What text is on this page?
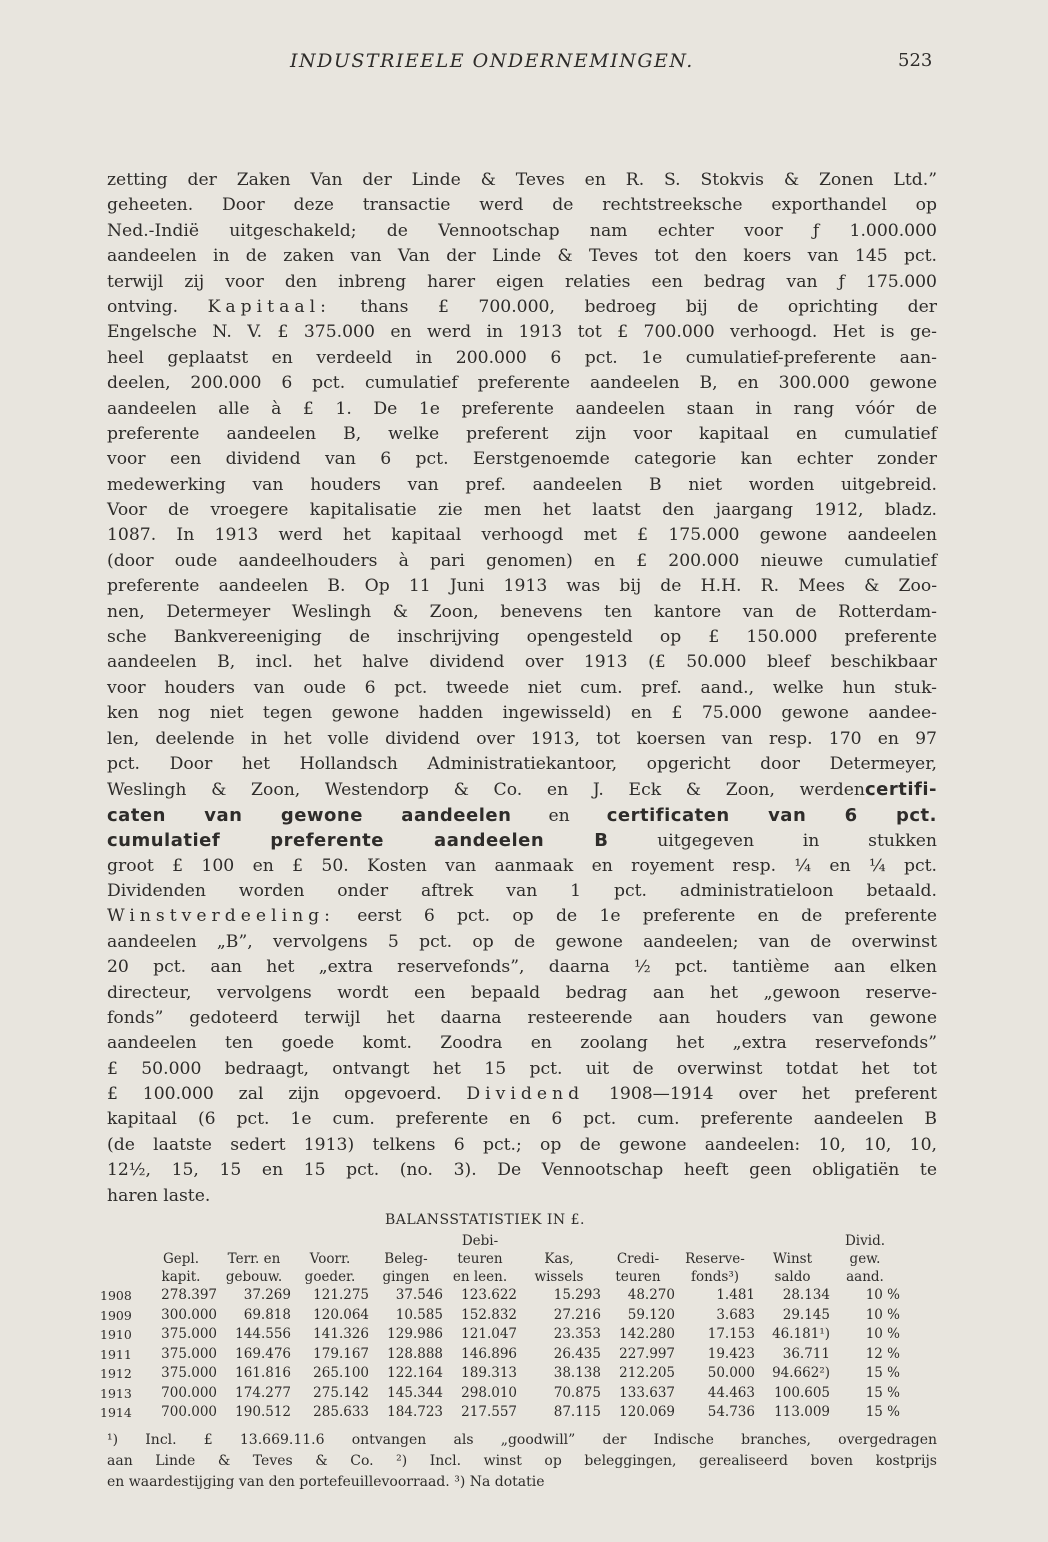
INDUSTRIEELE ONDERNEMINGEN.	523
zetting der Zaken Van der Linde & Teves en R. S. Stokvis & Zonen Ltd.”
geheeten. Door deze transactie werd de rechtstreeksche exporthandel op
Ned.-Indië uitgeschakeld; de Vennootschap nam echter voor ƒ 1.000.000
aandeelen in de zaken van Van der Linde & Teves tot den koers van 145 pct.
terwijl zij voor den inbreng harer eigen relaties een bedrag van ƒ 175.000
ontving. Kapitaal: thans £ 700.000, bedroeg bij de oprichting der
Engelsche N. V. £ 375.000 en werd in 1913 tot £ 700.000 verhoogd. Het is ge-
heel geplaatst en verdeeld in 200.000 6 pct. 1e cumulatief-preferente aan-
deelen, 200.000 6 pct. cumulatief preferente aandeelen B, en 300.000 gewone
aandeelen alle à £ 1. De 1e preferente aandeelen staan in rang vóór de
preferente aandeelen B, welke preferent zijn voor kapitaal en cumulatief
voor een dividend van 6 pct. Eerstgenoemde categorie kan echter zonder
medewerking van houders van pref. aandeelen B niet worden uitgebreid.
Voor de vroegere kapitalisatie zie men het laatst den jaargang 1912, bladz.
1087. In 1913 werd het kapitaal verhoogd met £ 175.000 gewone aandeelen
(door oude aandeelhouders à pari genomen) en £ 200.000 nieuwe cumulatief
preferente aandeelen B. Op 11 Juni 1913 was bij de H.H. R. Mees & Zoo-
nen, Determeyer Weslingh & Zoon, benevens ten kantore van de Rotterdam-
sche Bankvereeniging de inschrijving opengesteld op £ 150.000 preferente
aandeelen B, incl. het halve dividend over 1913 (£ 50.000 bleef beschikbaar
voor houders van oude 6 pct. tweede niet cum. pref. aand., welke hun stuk-
ken nog niet tegen gewone hadden ingewisseld) en £ 75.000 gewone aandee-
len, deelende in het volle dividend over 1913, tot koersen van resp. 170 en 97
pct. Door het Hollandsch Administratiekantoor, opgericht door Determeyer,
Weslingh & Zoon, Westendorp & Co. en J. Eck & Zoon, werdencertifi-
caten van gewone aandeelen en certificaten van 6 pct.
cumulatief preferente aandeelen B uitgegeven in stukken
groot £ 100 en £ 50. Kosten van aanmaak en royement resp. ¼ en ¼ pct.
Dividenden worden onder aftrek van 1 pct. administratieloon betaald.
Winstverdeeling: eerst 6 pct. op de 1e preferente en de preferente
aandeelen „B”, vervolgens 5 pct. op de gewone aandeelen; van de overwinst
20 pct. aan het „extra reservefonds”, daarna ½ pct. tantième aan elken
directeur, vervolgens wordt een bepaald bedrag aan het „gewoon reserve-
fonds” gedoteerd terwijl het daarna resteerende aan houders van gewone
aandeelen ten goede komt. Zoodra en zoolang het „extra reservefonds”
£ 50.000 bedraagt, ontvangt het 15 pct. uit de overwinst totdat het tot
£ 100.000 zal zijn opgevoerd. Dividend 1908—1914 over het preferent
kapitaal (6 pct. 1e cum. preferente en 6 pct. cum. preferente aandeelen B
(de laatste sedert 1913) telkens 6 pct.; op de gewone aandeelen: 10, 10, 10,
12½, 15, 15 en 15 pct. (no. 3). De Vennootschap heeft geen obligatiën te
haren laste.
BALANSSTATISTIEK IN £.
					Debi-					Divid.
	Gepl.	Terr. en	Voorr.	Beleg-	teuren	Kas,	Credi-	Reserve-	Winst	gew.
	kapit.	gebouw.	goeder.	gingen	en leen.	wissels	teuren	fonds³)	saldo	aand.
1908	278.397	37.269	121.275	37.546	123.622	15.293	48.270	1.481	28.134	10 %
1909	300.000	69.818	120.064	10.585	152.832	27.216	59.120	3.683	29.145	10 %
1910	375.000	144.556	141.326	129.986	121.047	23.353	142.280	17.153	46.181¹)	10 %
1911	375.000	169.476	179.167	128.888	146.896	26.435	227.997	19.423	36.711	12 %
1912	375.000	161.816	265.100	122.164	189.313	38.138	212.205	50.000	94.662²)	15 %
1913	700.000	174.277	275.142	145.344	298.010	70.875	133.637	44.463	100.605	15 %
1914	700.000	190.512	285.633	184.723	217.557	87.115	120.069	54.736	113.009	15 %
¹) Incl. £ 13.669.11.6 ontvangen als „goodwill” der Indische branches, overgedragen
aan Linde & Teves & Co. ²) Incl. winst op beleggingen, gerealiseerd boven kostprijs
en waardestijging van den portefeuillevoorraad. ³) Na dotatie
